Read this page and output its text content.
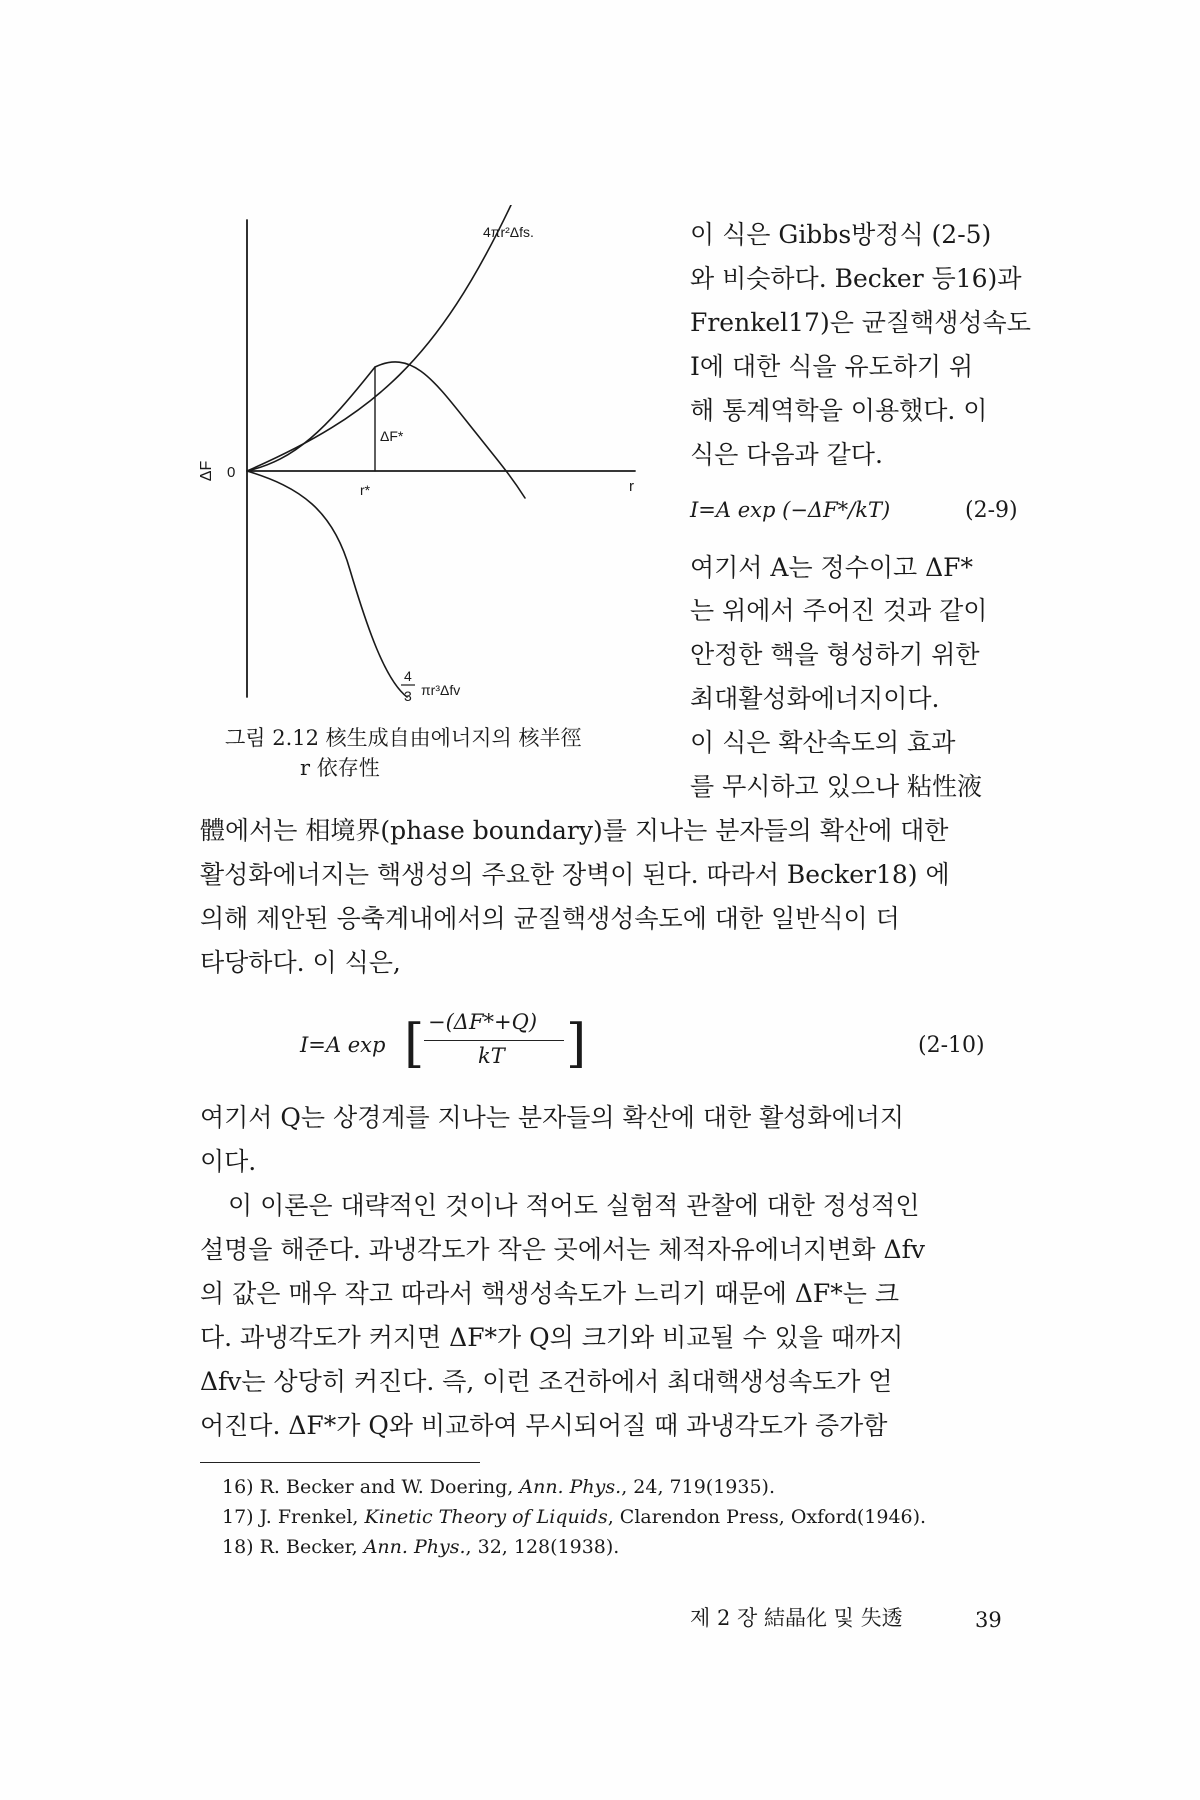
ΔF 0
r
4πr²Δfs.
ΔF*
r*
4
3 πr³Δfv
그림 2.12 核生成自由에너지의 核半徑
r 依存性
이 식은 Gibbs방정식 (2-5)
와 비슷하다. Becker 등16)과
Frenkel17)은 균질핵생성속도
I에 대한 식을 유도하기 위
해 통계역학을 이용했다. 이
식은 다음과 같다.
I=A exp (−ΔF*/kT)	(2-9)
여기서 A는 정수이고 ΔF*
는 위에서 주어진 것과 같이
안정한 핵을 형성하기 위한
최대활성화에너지이다.
이 식은 확산속도의 효과
를 무시하고 있으나 粘性液
體에서는 相境界(phase boundary)를 지나는 분자들의 확산에 대한
활성화에너지는 핵생성의 주요한 장벽이 된다. 따라서 Becker18) 에
의해 제안된 응축계내에서의 균질핵생성속도에 대한 일반식이 더
타당하다. 이 식은,
I=A exp [ −(ΔF*+Q)
kT ]	(2-10)
여기서 Q는 상경계를 지나는 분자들의 확산에 대한 활성화에너지
이다.
이 이론은 대략적인 것이나 적어도 실험적 관찰에 대한 정성적인
설명을 해준다. 과냉각도가 작은 곳에서는 체적자유에너지변화 Δfv
의 값은 매우 작고 따라서 핵생성속도가 느리기 때문에 ΔF*는 크
다. 과냉각도가 커지면 ΔF*가 Q의 크기와 비교될 수 있을 때까지
Δfv는 상당히 커진다. 즉, 이런 조건하에서 최대핵생성속도가 얻
어진다. ΔF*가 Q와 비교하여 무시되어질 때 과냉각도가 증가함
16) R. Becker and W. Doering, Ann. Phys., 24, 719(1935).
17) J. Frenkel, Kinetic Theory of Liquids, Clarendon Press, Oxford(1946).
18) R. Becker, Ann. Phys., 32, 128(1938).
제 2 장 結晶化 및 失透	39
